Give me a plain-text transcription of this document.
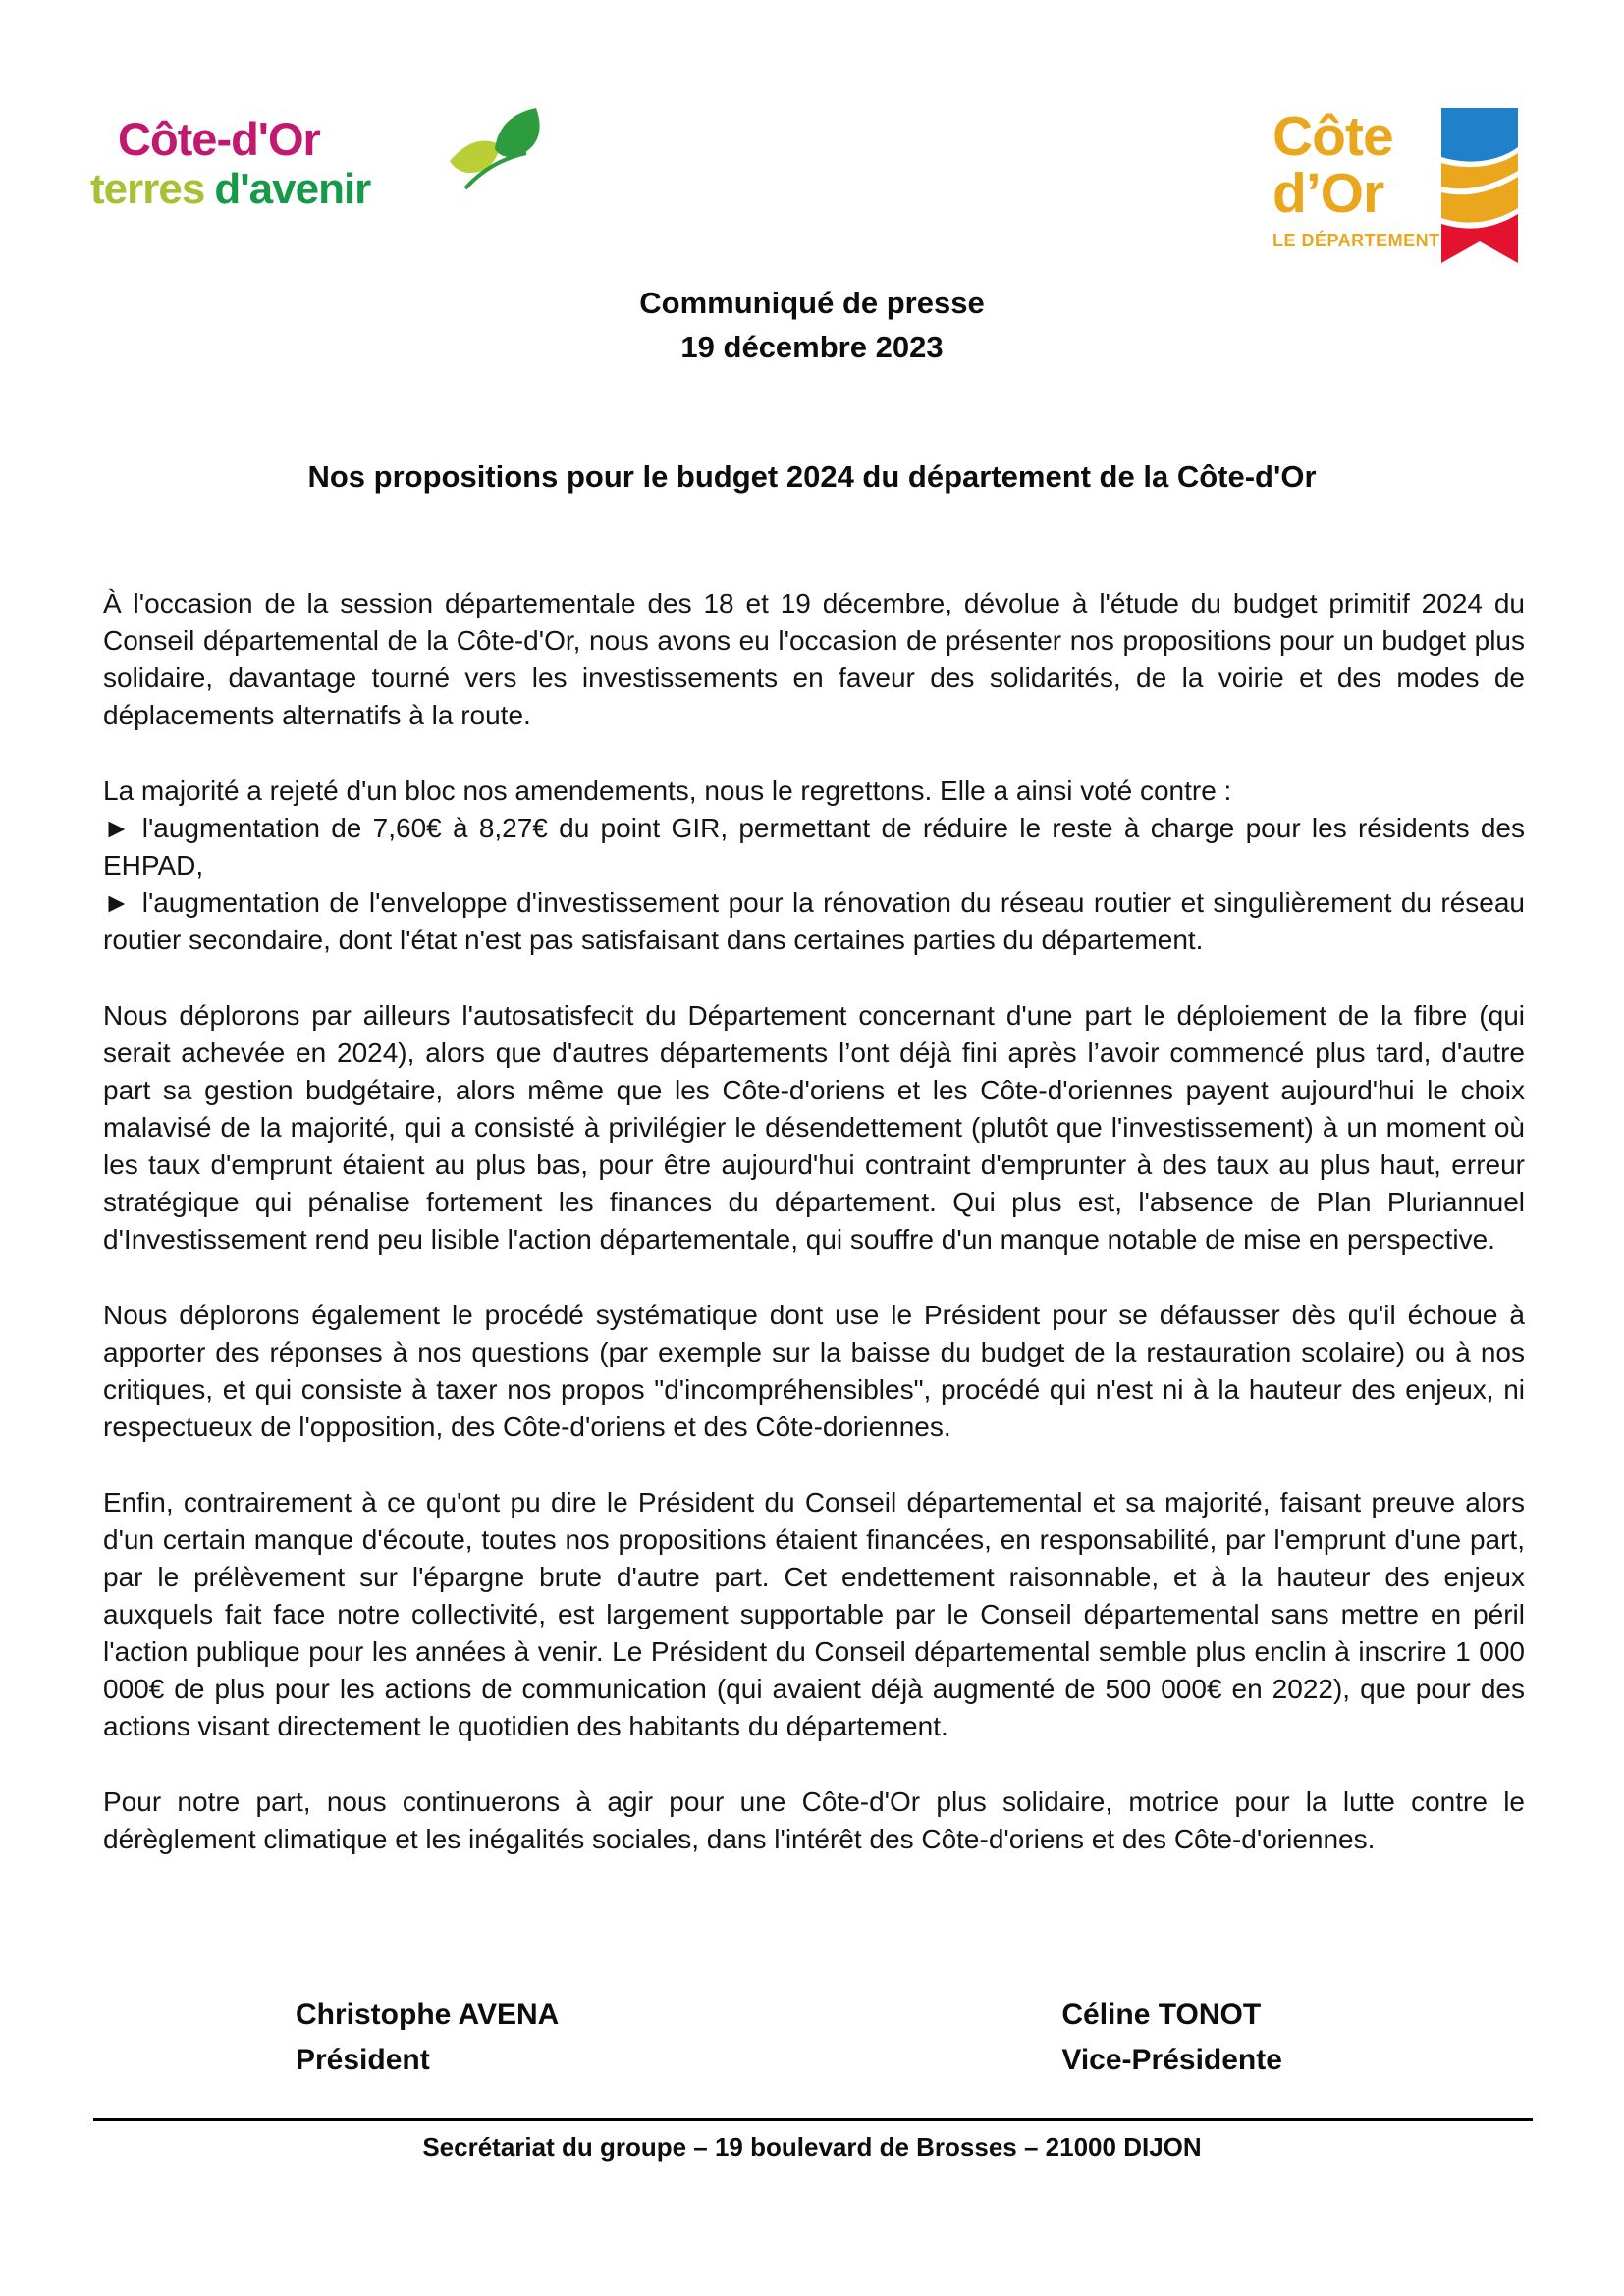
Côte-d'Or
terres d'avenir
Côte
d’Or
LE DÉPARTEMENT
Communiqué de presse
19 décembre 2023
Nos propositions pour le budget 2024 du département de la Côte-d'Or

À l'occasion de la session départementale des 18 et 19 décembre, dévolue à l'étude du budget primitif 2024 du Conseil départemental de la Côte-d'Or, nous avons eu l'occasion de présenter nos propositions pour un budget plus solidaire, davantage tourné vers les investissements en faveur des solidarités, de la voirie et des modes de déplacements alternatifs à la route.

La majorité a rejeté d'un bloc nos amendements, nous le regrettons. Elle a ainsi voté contre :

► l'augmentation de 7,60€ à 8,27€ du point GIR, permettant de réduire le reste à charge pour les résidents des EHPAD,

► l'augmentation de l'enveloppe d'investissement pour la rénovation du réseau routier et singulièrement du réseau routier secondaire, dont l'état n'est pas satisfaisant dans certaines parties du département.

Nous déplorons par ailleurs l'autosatisfecit du Département concernant d'une part le déploiement de la fibre (qui serait achevée en 2024), alors que d'autres départements l’ont déjà fini après l’avoir commencé plus tard, d'autre part sa gestion budgétaire, alors même que les Côte-d'oriens et les Côte-d'oriennes payent aujourd'hui le choix malavisé de la majorité, qui a consisté à privilégier le désendettement (plutôt que l'investissement) à un moment où les taux d'emprunt étaient au plus bas, pour être aujourd'hui contraint d'emprunter à des taux au plus haut, erreur stratégique qui pénalise fortement les finances du département. Qui plus est, l'absence de Plan Pluriannuel d'Investissement rend peu lisible l'action départementale, qui souffre d'un manque notable de mise en perspective.

Nous déplorons également le procédé systématique dont use le Président pour se défausser dès qu'il échoue à apporter des réponses à nos questions (par exemple sur la baisse du budget de la restauration scolaire) ou à nos critiques, et qui consiste à taxer nos propos "d'incompréhensibles", procédé qui n'est ni à la hauteur des enjeux, ni respectueux de l'opposition, des Côte-d'oriens et des Côte-doriennes.

Enfin, contrairement à ce qu'ont pu dire le Président du Conseil départemental et sa majorité, faisant preuve alors d'un certain manque d'écoute, toutes nos propositions étaient financées, en responsabilité, par l'emprunt d'une part, par le prélèvement sur l'épargne brute d'autre part. Cet endettement raisonnable, et à la hauteur des enjeux auxquels fait face notre collectivité, est largement supportable par le Conseil départemental sans mettre en péril l'action publique pour les années à venir. Le Président du Conseil départemental semble plus enclin à inscrire 1 000 000€ de plus pour les actions de communication (qui avaient déjà augmenté de 500 000€ en 2022), que pour des actions visant directement le quotidien des habitants du département.

Pour notre part, nous continuerons à agir pour une Côte-d'Or plus solidaire, motrice pour la lutte contre le dérèglement climatique et les inégalités sociales, dans l'intérêt des Côte-d'oriens et des Côte-d'oriennes.

Christophe AVENA
Président
Céline TONOT
Vice-Présidente
Secrétariat du groupe – 19 boulevard de Brosses – 21000 DIJON
